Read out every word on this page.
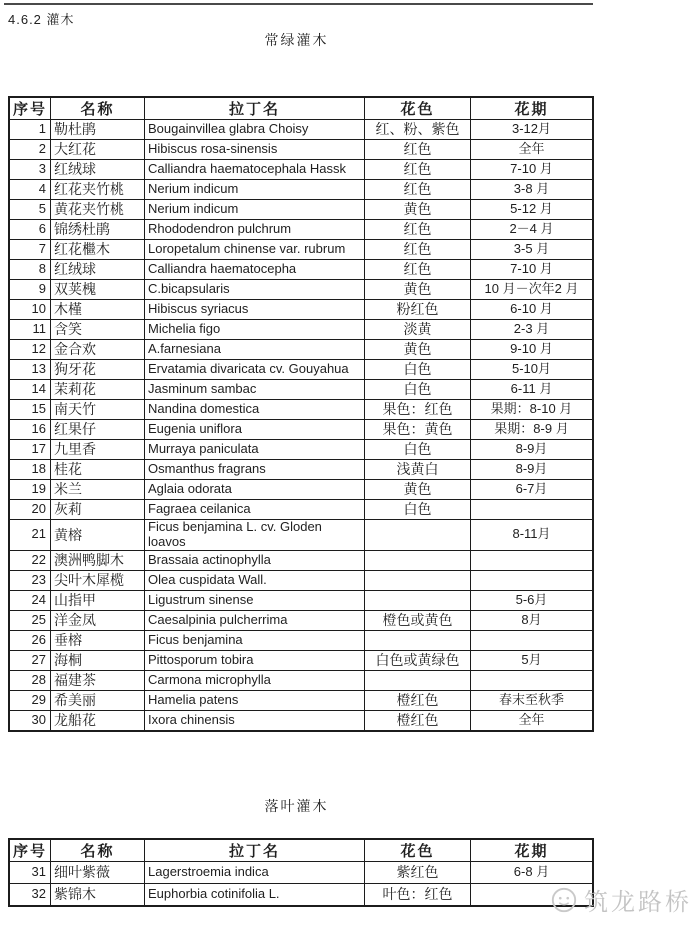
4.6.2 灌木
常绿灌木
序号	名称	拉丁名	花色	花期
1	勒杜鹃	Bougainvillea glabra Choisy	红、粉、紫色	3-12月
2	大红花	Hibiscus rosa-sinensis	红色	全年
3	红绒球	Calliandra haematocephala Hassk	红色	7-10 月
4	红花夹竹桃	Nerium indicum	红色	3-8 月
5	黄花夹竹桃	Nerium indicum	黄色	5-12 月
6	锦绣杜鹃	Rhododendron pulchrum	红色	2－4 月
7	红花檵木	Loropetalum chinense var. rubrum	红色	3-5 月
8	红绒球	Calliandra haematocepha	红色	7-10 月
9	双荚槐	C.bicapsularis	黄色	10 月－次年2 月
10	木槿	Hibiscus syriacus	粉红色	6-10 月
11	含笑	Michelia figo	淡黄	2-3 月
12	金合欢	A.farnesiana	黄色	9-10 月
13	狗牙花	Ervatamia divaricata cv. Gouyahua	白色	5-10月
14	茉莉花	Jasminum sambac	白色	6-11 月
15	南天竹	Nandina domestica	果色：红色	果期：8-10 月
16	红果仔	Eugenia uniflora	果色：黄色	果期：8-9 月
17	九里香	Murraya paniculata	白色	8-9月
18	桂花	Osmanthus fragrans	浅黄白	8-9月
19	米兰	Aglaia odorata	黄色	6-7月
20	灰莉	Fagraea ceilanica	白色	
21	黄榕	Ficus benjamina L. cv. Gloden loavos		8-11月
22	澳洲鸭脚木	Brassaia actinophylla		
23	尖叶木犀榄	Olea cuspidata Wall.		
24	山指甲	Ligustrum sinense		5-6月
25	洋金凤	Caesalpinia pulcherrima	橙色或黄色	8月
26	垂榕	Ficus benjamina		
27	海桐	Pittosporum tobira	白色或黄绿色	5月
28	福建茶	Carmona microphylla		
29	希美丽	Hamelia patens	橙红色	春末至秋季
30	龙船花	Ixora chinensis	橙红色	全年
落叶灌木
序号	名称	拉丁名	花色	花期
31	细叶紫薇	Lagerstroemia indica	紫红色	6-8 月
32	紫锦木	Euphorbia cotinifolia L.	叶色：红色		筑龙路桥
